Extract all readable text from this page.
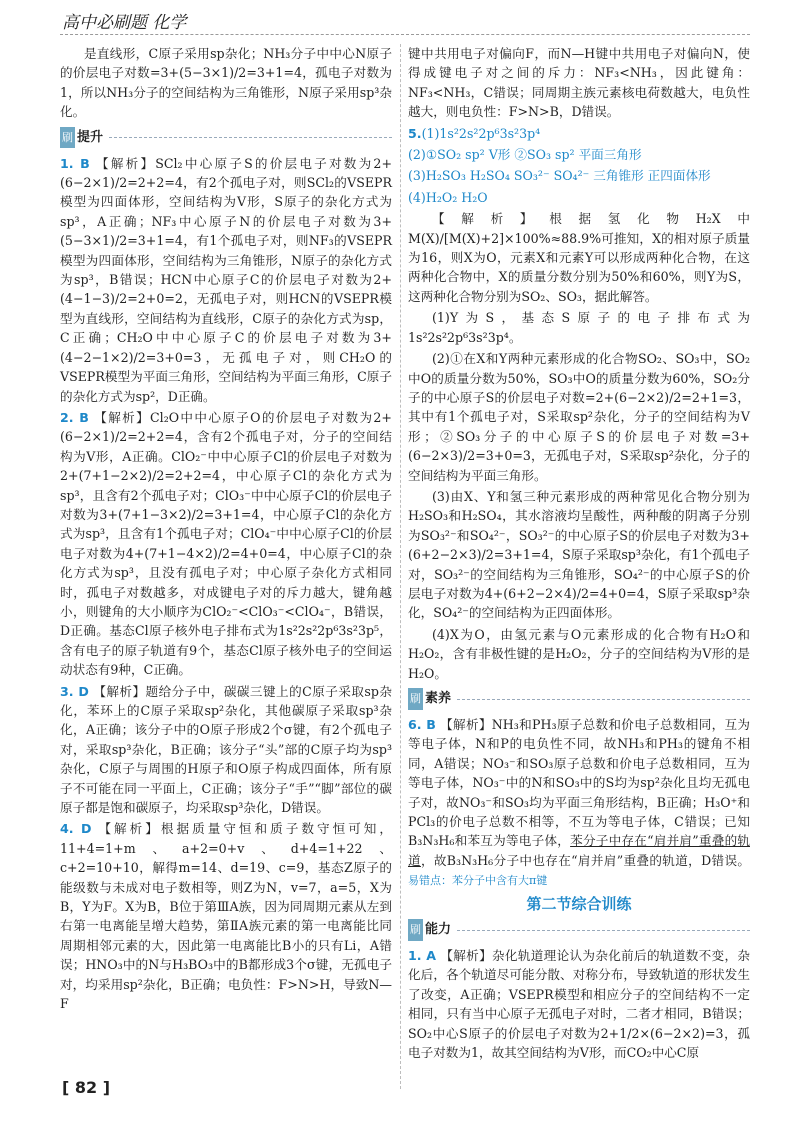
高中必刷题 化学

是直线形，C原子采用sp杂化；NH₃分子中中心N原子的价层电子对数=3+(5−3×1)/2=3+1=4，孤电子对数为1，所以NH₃分子的空间结构为三角锥形，N原子采用sp³杂化。

刷 提升

1. B 【解析】SCl₂中心原子S的价层电子对数为2+(6−2×1)/2=2+2=4，有2个孤电子对，则SCl₂的VSEPR模型为四面体形，空间结构为V形，S原子的杂化方式为sp³，A正确；NF₃中心原子N的价层电子对数为3+(5−3×1)/2=3+1=4，有1个孤电子对，则NF₃的VSEPR模型为四面体形，空间结构为三角锥形，N原子的杂化方式为sp³，B错误；HCN中心原子C的价层电子对数为2+(4−1−3)/2=2+0=2，无孤电子对，则HCN的VSEPR模型为直线形，空间结构为直线形，C原子的杂化方式为sp，C正确；CH₂O中中心原子C的价层电子对数为3+(4−2−1×2)/2=3+0=3，无孤电子对，则CH₂O的VSEPR模型为平面三角形，空间结构为平面三角形，C原子的杂化方式为sp²，D正确。

2. B 【解析】Cl₂O中中心原子O的价层电子对数为2+(6−2×1)/2=2+2=4，含有2个孤电子对，分子的空间结构为V形，A正确。ClO₂⁻中中心原子Cl的价层电子对数为2+(7+1−2×2)/2=2+2=4，中心原子Cl的杂化方式为sp³，且含有2个孤电子对；ClO₃⁻中中心原子Cl的价层电子对数为3+(7+1−3×2)/2=3+1=4，中心原子Cl的杂化方式为sp³，且含有1个孤电子对；ClO₄⁻中中心原子Cl的价层电子对数为4+(7+1−4×2)/2=4+0=4，中心原子Cl的杂化方式为sp³，且没有孤电子对；中心原子杂化方式相同时，孤电子对数越多，对成键电子对的斥力越大，键角越小，则键角的大小顺序为ClO₂⁻<ClO₃⁻<ClO₄⁻，B错误，D正确。基态Cl原子核外电子排布式为1s²2s²2p⁶3s²3p⁵，含有电子的原子轨道有9个，基态Cl原子核外电子的空间运动状态有9种，C正确。

3. D 【解析】题给分子中，碳碳三键上的C原子采取sp杂化，苯环上的C原子采取sp²杂化，其他碳原子采取sp³杂化，A正确；该分子中的O原子形成2个σ键，有2个孤电子对，采取sp³杂化，B正确；该分子“头”部的C原子均为sp³杂化，C原子与周围的H原子和O原子构成四面体，所有原子不可能在同一平面上，C正确；该分子“手”“脚”部位的碳原子都是饱和碳原子，均采取sp³杂化，D错误。

4. D 【解析】根据质量守恒和质子数守恒可知，11+4=1+m、a+2=0+v、d+4=1+22、c+2=10+10，解得m=14、d=19、c=9，基态Z原子的能级数与未成对电子数相等，则Z为N，v=7，a=5，X为B，Y为F。X为B，B位于第ⅢA族，因为同周期元素从左到右第一电离能呈增大趋势，第ⅡA族元素的第一电离能比同周期相邻元素的大，因此第一电离能比B小的只有Li，A错误；HNO₃中的N与H₃BO₃中的B都形成3个σ键，无孤电子对，均采用sp²杂化，B正确；电负性：F>N>H，导致N—F

键中共用电子对偏向F，而N—H键中共用电子对偏向N，使得成键电子对之间的斥力：NF₃<NH₃，因此键角：NF₃<NH₃，C错误；同周期主族元素核电荷数越大，电负性越大，则电负性：F>N>B，D错误。

5.(1)1s²2s²2p⁶3s²3p⁴

(2)①SO₂ sp² V形 ②SO₃ sp² 平面三角形

(3)H₂SO₃ H₂SO₄ SO₃²⁻ SO₄²⁻ 三角锥形 正四面体形

(4)H₂O₂ H₂O

【解析】根据氢化物H₂X中M(X)/[M(X)+2]×100%≈88.9%可推知，X的相对原子质量为16，则X为O，元素X和元素Y可以形成两种化合物，在这两种化合物中，X的质量分数分别为50%和60%，则Y为S，这两种化合物分别为SO₂、SO₃，据此解答。

(1)Y为S，基态S原子的电子排布式为1s²2s²2p⁶3s²3p⁴。

(2)①在X和Y两种元素形成的化合物SO₂、SO₃中，SO₂中O的质量分数为50%，SO₃中O的质量分数为60%，SO₂分子的中心原子S的价层电子对数=2+(6−2×2)/2=2+1=3，其中有1个孤电子对，S采取sp²杂化，分子的空间结构为V形；②SO₃分子的中心原子S的价层电子对数=3+(6−2×3)/2=3+0=3，无孤电子对，S采取sp²杂化，分子的空间结构为平面三角形。

(3)由X、Y和氢三种元素形成的两种常见化合物分别为H₂SO₃和H₂SO₄，其水溶液均呈酸性，两种酸的阴离子分别为SO₃²⁻和SO₄²⁻，SO₃²⁻的中心原子S的价层电子对数为3+(6+2−2×3)/2=3+1=4，S原子采取sp³杂化，有1个孤电子对，SO₃²⁻的空间结构为三角锥形，SO₄²⁻的中心原子S的价层电子对数为4+(6+2−2×4)/2=4+0=4，S原子采取sp³杂化，SO₄²⁻的空间结构为正四面体形。

(4)X为O，由氢元素与O元素形成的化合物有H₂O和H₂O₂，含有非极性键的是H₂O₂，分子的空间结构为V形的是H₂O。

刷 素养

6. B 【解析】NH₃和PH₃原子总数和价电子总数相同，互为等电子体，N和P的电负性不同，故NH₃和PH₃的键角不相同，A错误；NO₃⁻和SO₃原子总数和价电子总数相同，互为等电子体，NO₃⁻中的N和SO₃中的S均为sp²杂化且均无孤电子对，故NO₃⁻和SO₃均为平面三角形结构，B正确；H₃O⁺和PCl₃的价电子总数不相等，不互为等电子体，C错误；已知B₃N₃H₆和苯互为等电子体，苯分子中存在“肩并肩”重叠的轨道，故B₃N₃H₆分子中也存在“肩并肩”重叠的轨道，D错误。 易错点：苯分子中含有大π键

第二节综合训练
刷 能力

1. A 【解析】杂化轨道理论认为杂化前后的轨道数不变，杂化后，各个轨道尽可能分散、对称分布，导致轨道的形状发生了改变，A正确；VSEPR模型和相应分子的空间结构不一定相同，只有当中心原子无孤电子对时，二者才相同，B错误；SO₂中心S原子的价层电子对数为2+1/2×(6−2×2)=3，孤电子对数为1，故其空间结构为V形，而CO₂中心C原

[ 82 ]
